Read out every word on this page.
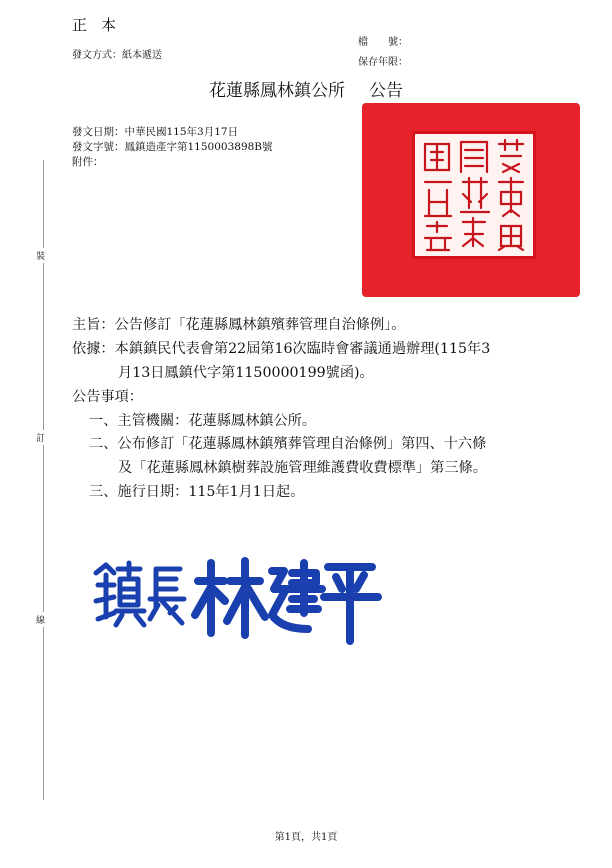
正本
發文方式：紙本遞送
檔　　號：
保存年限：
花蓮縣鳳林鎮公所 公告
發文日期：中華民國115年3月17日
發文字號：鳳鎮造產字第1150003898B號
附件：
裝
訂
線
主旨：公告修訂「花蓮縣鳳林鎮殯葬管理自治條例」。
依據：本鎮鎮民代表會第22屆第16次臨時會審議通過辦理(115年3
月13日鳳鎮代字第1150000199號函)。
公告事項：
一、主管機關：花蓮縣鳳林鎮公所。
二、公布修訂「花蓮縣鳳林鎮殯葬管理自治條例」第四、十六條
及「花蓮縣鳳林鎮樹葬設施管理維護費收費標準」第三條。
三、施行日期：115年1月1日起。
第1頁，共1頁
